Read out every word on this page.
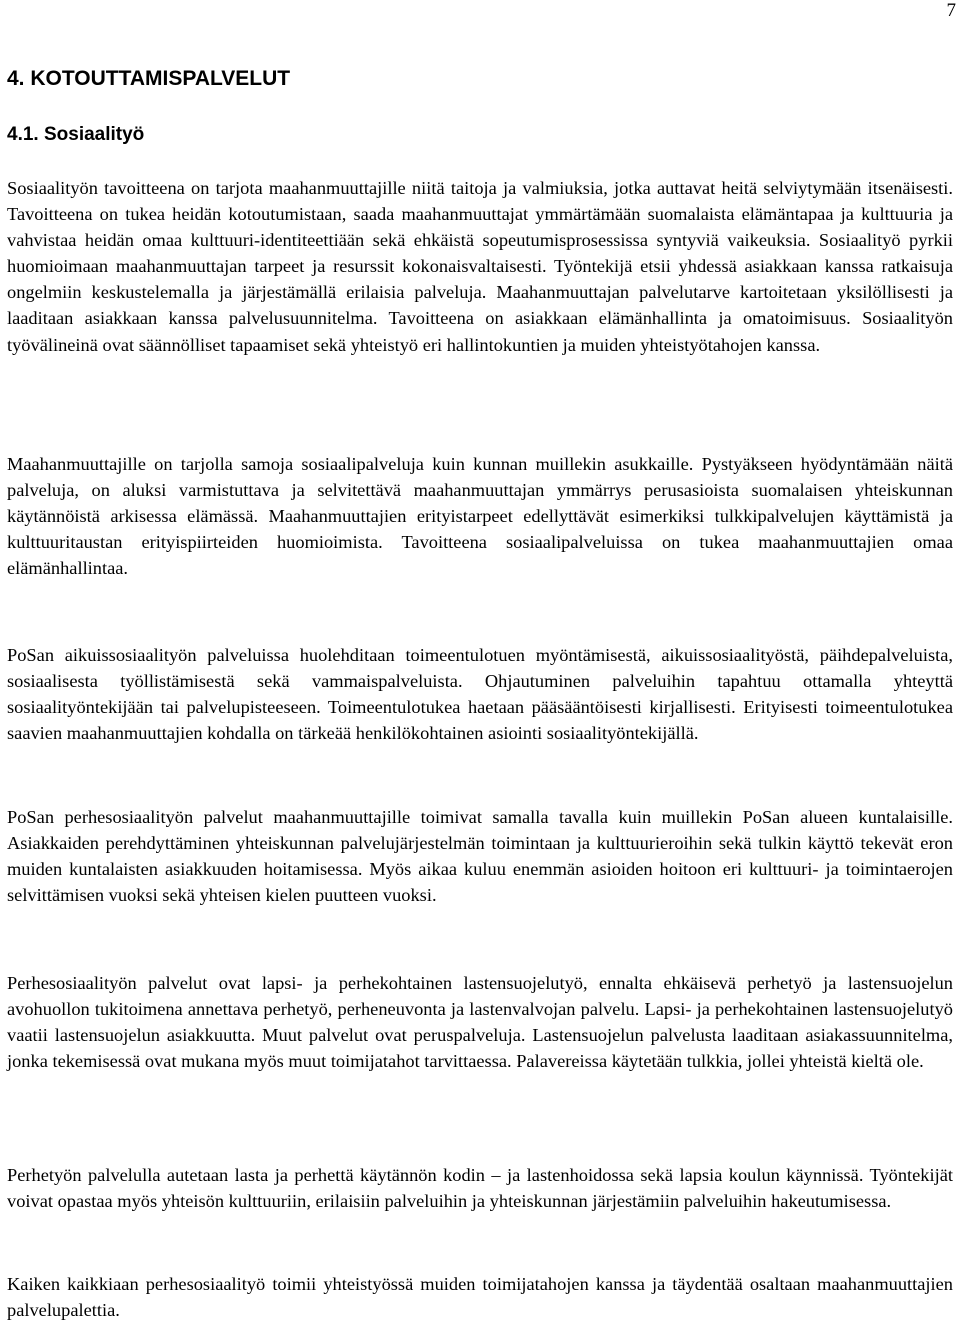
7
4. KOTOUTTAMISPALVELUT
4.1. Sosiaalityö

Sosiaalityön tavoitteena on tarjota maahanmuuttajille niitä taitoja ja valmiuksia, jotka auttavat heitä selviytymään itsenäisesti. Tavoitteena on tukea heidän kotoutumistaan, saada maahanmuuttajat ymmärtämään suomalaista elämäntapaa ja kulttuuria ja vahvistaa heidän omaa kulttuuri-identiteettiään sekä ehkäistä sopeutumisprosessissa syntyviä vaikeuksia. Sosiaalityö pyrkii huomioimaan maahanmuuttajan tarpeet ja resurssit kokonaisvaltaisesti. Työntekijä etsii yhdessä asiakkaan kanssa ratkaisuja ongelmiin keskustelemalla ja järjestämällä erilaisia palveluja. Maahanmuuttajan palvelutarve kartoitetaan yksilöllisesti ja laaditaan asiakkaan kanssa palvelusuunnitelma. Tavoitteena on asiakkaan elämänhallinta ja omatoimisuus. Sosiaalityön työvälineinä ovat säännölliset tapaamiset sekä yhteistyö eri hallintokuntien ja muiden yhteistyötahojen kanssa.

Maahanmuuttajille on tarjolla samoja sosiaalipalveluja kuin kunnan muillekin asukkaille. Pystyäkseen hyödyntämään näitä palveluja, on aluksi varmistuttava ja selvitettävä maahanmuuttajan ymmärrys perusasioista suomalaisen yhteiskunnan käytännöistä arkisessa elämässä. Maahanmuuttajien erityistarpeet edellyttävät esimerkiksi tulkkipalvelujen käyttämistä ja kulttuuritaustan erityispiirteiden huomioimista. Tavoitteena sosiaalipalveluissa on tukea maahanmuuttajien omaa elämänhallintaa.

PoSan aikuissosiaalityön palveluissa huolehditaan toimeentulotuen myöntämisestä, aikuissosiaalityöstä, päihdepalveluista, sosiaalisesta työllistämisestä sekä vammaispalveluista. Ohjautuminen palveluihin tapahtuu ottamalla yhteyttä sosiaalityöntekijään tai palvelupisteeseen. Toimeentulotukea haetaan pääsääntöisesti kirjallisesti. Erityisesti toimeentulotukea saavien maahanmuuttajien kohdalla on tärkeää henkilökohtainen asiointi sosiaalityöntekijällä.

PoSan perhesosiaalityön palvelut maahanmuuttajille toimivat samalla tavalla kuin muillekin PoSan alueen kuntalaisille. Asiakkaiden perehdyttäminen yhteiskunnan palvelujärjestelmän toimintaan ja kulttuurieroihin sekä tulkin käyttö tekevät eron muiden kuntalaisten asiakkuuden hoitamisessa. Myös aikaa kuluu enemmän asioiden hoitoon eri kulttuuri- ja toimintaerojen selvittämisen vuoksi sekä yhteisen kielen puutteen vuoksi.

Perhesosiaalityön palvelut ovat lapsi- ja perhekohtainen lastensuojelutyö, ennalta ehkäisevä perhetyö ja lastensuojelun avohuollon tukitoimena annettava perhetyö, perheneuvonta ja lastenvalvojan palvelu. Lapsi- ja perhekohtainen lastensuojelutyö vaatii lastensuojelun asiakkuutta. Muut palvelut ovat peruspalveluja. Lastensuojelun palvelusta laaditaan asiakassuunnitelma, jonka tekemisessä ovat mukana myös muut toimijatahot tarvittaessa. Palavereissa käytetään tulkkia, jollei yhteistä kieltä ole.

Perhetyön palvelulla autetaan lasta ja perhettä käytännön kodin – ja lastenhoidossa sekä lapsia koulun käynnissä. Työntekijät voivat opastaa myös yhteisön kulttuuriin, erilaisiin palveluihin ja yhteiskunnan järjestämiin palveluihin hakeutumisessa.

Kaiken kaikkiaan perhesosiaalityö toimii yhteistyössä muiden toimijatahojen kanssa ja täydentää osaltaan maahanmuuttajien palvelupalettia.
